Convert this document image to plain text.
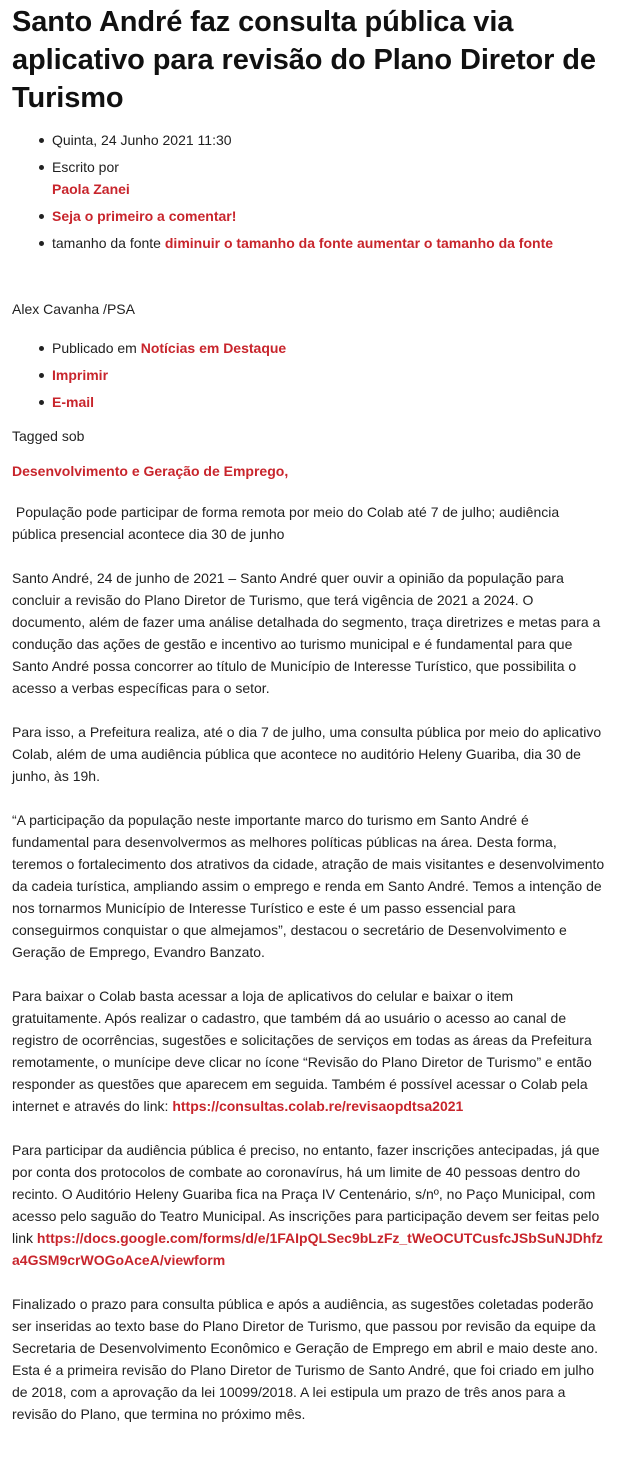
Santo André faz consulta pública via aplicativo para revisão do Plano Diretor de Turismo
Quinta, 24 Junho 2021 11:30
Escrito por
Paola Zanei
Seja o primeiro a comentar!
tamanho da fonte diminuir o tamanho da fonte aumentar o tamanho da fonte
Alex Cavanha /PSA
Publicado em Notícias em Destaque
Imprimir
E-mail
Tagged sob
Desenvolvimento e Geração de Emprego,

População pode participar de forma remota por meio do Colab até 7 de julho; audiência pública presencial acontece dia 30 de junho

Santo André, 24 de junho de 2021 – Santo André quer ouvir a opinião da população para concluir a revisão do Plano Diretor de Turismo, que terá vigência de 2021 a 2024. O documento, além de fazer uma análise detalhada do segmento, traça diretrizes e metas para a condução das ações de gestão e incentivo ao turismo municipal e é fundamental para que Santo André possa concorrer ao título de Município de Interesse Turístico, que possibilita o acesso a verbas específicas para o setor.

Para isso, a Prefeitura realiza, até o dia 7 de julho, uma consulta pública por meio do aplicativo Colab, além de uma audiência pública que acontece no auditório Heleny Guariba, dia 30 de junho, às 19h.

“A participação da população neste importante marco do turismo em Santo André é fundamental para desenvolvermos as melhores políticas públicas na área. Desta forma, teremos o fortalecimento dos atrativos da cidade, atração de mais visitantes e desenvolvimento da cadeia turística, ampliando assim o emprego e renda em Santo André. Temos a intenção de nos tornarmos Município de Interesse Turístico e este é um passo essencial para conseguirmos conquistar o que almejamos”, destacou o secretário de Desenvolvimento e Geração de Emprego, Evandro Banzato.

Para baixar o Colab basta acessar a loja de aplicativos do celular e baixar o item gratuitamente. Após realizar o cadastro, que também dá ao usuário o acesso ao canal de registro de ocorrências, sugestões e solicitações de serviços em todas as áreas da Prefeitura remotamente, o munícipe deve clicar no ícone “Revisão do Plano Diretor de Turismo” e então responder as questões que aparecem em seguida. Também é possível acessar o Colab pela internet e através do link: https://consultas.colab.re/revisaopdtsa2021

Para participar da audiência pública é preciso, no entanto, fazer inscrições antecipadas, já que por conta dos protocolos de combate ao coronavírus, há um limite de 40 pessoas dentro do recinto. O Auditório Heleny Guariba fica na Praça IV Centenário, s/nº, no Paço Municipal, com acesso pelo saguão do Teatro Municipal. As inscrições para participação devem ser feitas pelo link https://docs.google.com/forms/d/e/1FAIpQLSec9bLzFz_tWeOCUTCusfcJSbSuNJDhfza4GSM9crWOGoAceA/viewform

Finalizado o prazo para consulta pública e após a audiência, as sugestões coletadas poderão ser inseridas ao texto base do Plano Diretor de Turismo, que passou por revisão da equipe da Secretaria de Desenvolvimento Econômico e Geração de Emprego em abril e maio deste ano. Esta é a primeira revisão do Plano Diretor de Turismo de Santo André, que foi criado em julho de 2018, com a aprovação da lei 10099/2018. A lei estipula um prazo de três anos para a revisão do Plano, que termina no próximo mês.
